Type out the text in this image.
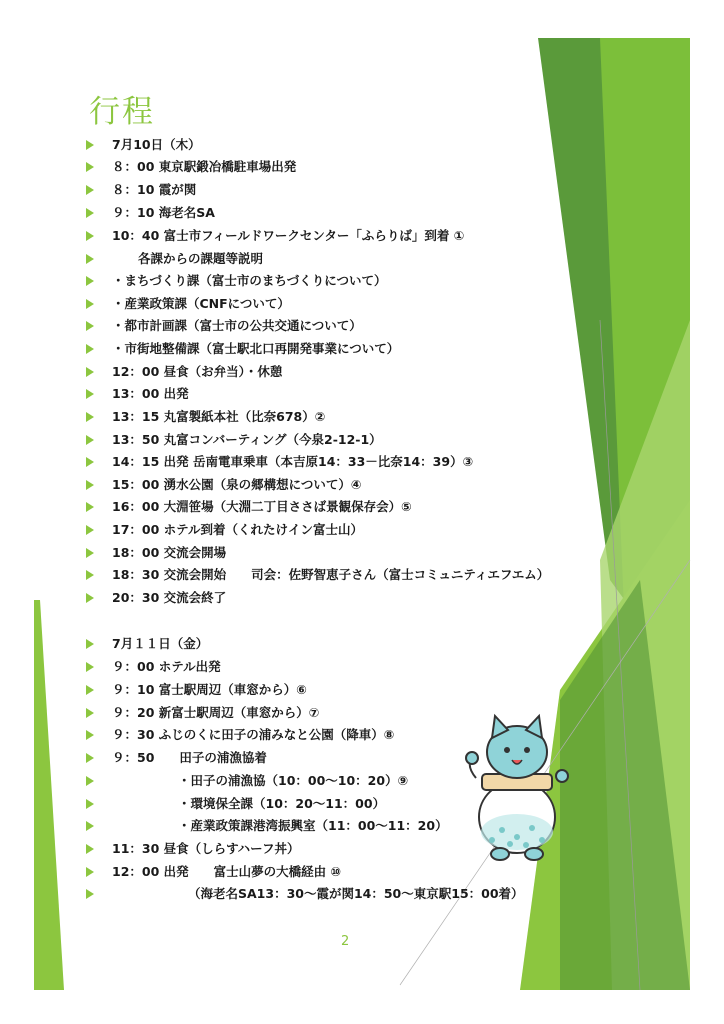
行程
7月10日（木）
８：00 東京駅鍛冶橋駐車場出発
８：10 霞が関
９：10 海老名SA
10：40 富士市フィールドワークセンター「ふらりば」到着 ①
各課からの課題等説明
・まちづくり課（富士市のまちづくりについて）
・産業政策課（CNFについて）
・都市計画課（富士市の公共交通について）
・市街地整備課（富士駅北口再開発事業について）
12：00 昼食（お弁当）・休憩
13：00 出発
13：15 丸富製紙本社（比奈678）②
13：50 丸富コンバーティング（今泉2-12-1）
14：15 出発 岳南電車乗車（本吉原14：33－比奈14：39）③
15：00 湧水公園（泉の郷構想について）④
16：00 大淵笹場（大淵二丁目ささば景観保存会）⑤
17：00 ホテル到着（くれたけイン富士山）
18：00 交流会開場
18：30 交流会開始　　司会：佐野智恵子さん（富士コミュニティエフエム）
20：30 交流会終了
7月１１日（金）
９：00 ホテル出発
９：10 富士駅周辺（車窓から）⑥
９：20 新富士駅周辺（車窓から）⑦
９：30 ふじのくに田子の浦みなと公園（降車）⑧
９：50　　田子の浦漁協着
・田子の浦漁協（10：00～10：20）⑨
・環境保全課（10：20～11：00）
・産業政策課港湾振興室（11：00～11：20）
11：30 昼食（しらすハーフ丼）
12：00 出発　　富士山夢の大橋経由 ⑩
（海老名SA13：30～霞が関14：50～東京駅15：00着）
2
